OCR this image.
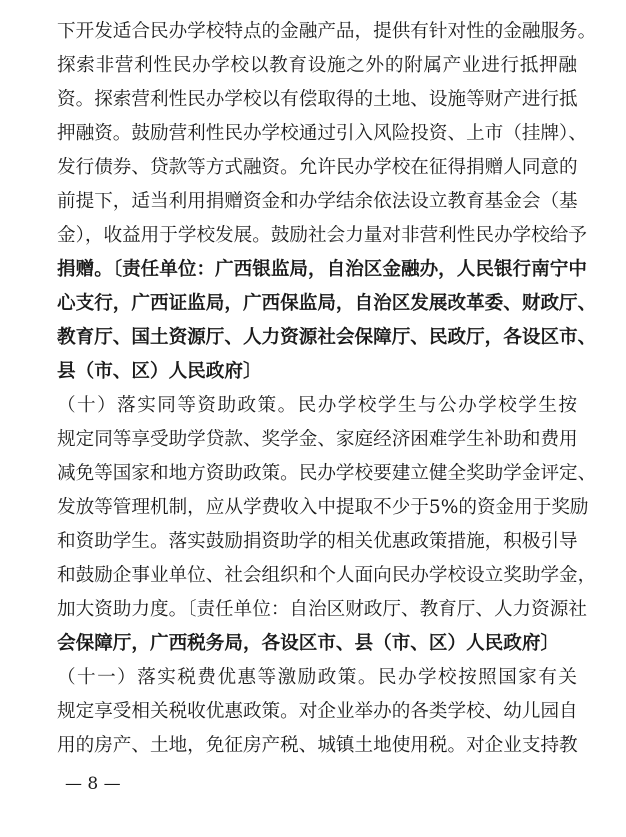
下开发适合民办学校特点的金融产品，提供有针对性的金融服务。
探索非营利性民办学校以教育设施之外的附属产业进行抵押融
资。探索营利性民办学校以有偿取得的土地、设施等财产进行抵
押融资。鼓励营利性民办学校通过引入风险投资、上市（挂牌）、
发行债券、贷款等方式融资。允许民办学校在征得捐赠人同意的
前提下，适当利用捐赠资金和办学结余依法设立教育基金会（基
金），收益用于学校发展。鼓励社会力量对非营利性民办学校给予
捐赠。〔责任单位：广西银监局，自治区金融办，人民银行南宁中
心支行，广西证监局，广西保监局，自治区发展改革委、财政厅、
教育厅、国土资源厅、人力资源社会保障厅、民政厅，各设区市、
县（市、区）人民政府〕
（十）落实同等资助政策。民办学校学生与公办学校学生按
规定同等享受助学贷款、奖学金、家庭经济困难学生补助和费用
减免等国家和地方资助政策。民办学校要建立健全奖助学金评定、
发放等管理机制，应从学费收入中提取不少于5%的资金用于奖励
和资助学生。落实鼓励捐资助学的相关优惠政策措施，积极引导
和鼓励企事业单位、社会组织和个人面向民办学校设立奖助学金，
加大资助力度。〔责任单位：自治区财政厅、教育厅、人力资源社
会保障厅，广西税务局，各设区市、县（市、区）人民政府〕
（十一）落实税费优惠等激励政策。民办学校按照国家有关
规定享受相关税收优惠政策。对企业举办的各类学校、幼儿园自
用的房产、土地，免征房产税、城镇土地使用税。对企业支持教
— 8 —
